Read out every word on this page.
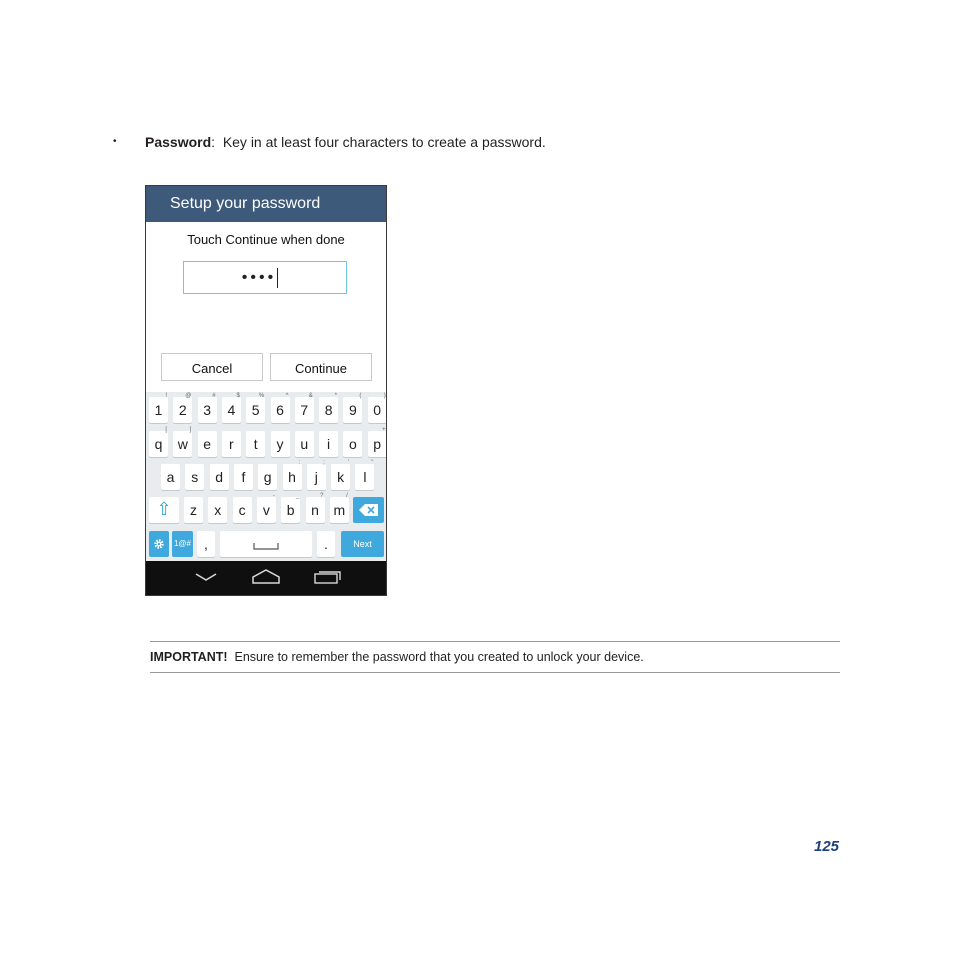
• Password: Key in at least four characters to create a password.
Setup your password
Touch Continue when done
••••
Cancel	Continue
1
!
2
@
3
#
4
$
5
%
6
^
7
&
8
*
9
(
0
)
q
[
w
]
e	r	t	y	u	i	o	p
+
a	s	d	f	g	h
:
j
;
k
'
l
"
⇧	z	x	c	v
-
b
_
n
?
m
/
1@# ,	.	Next
IMPORTANT! Ensure to remember the password that you created to unlock your device.
125
